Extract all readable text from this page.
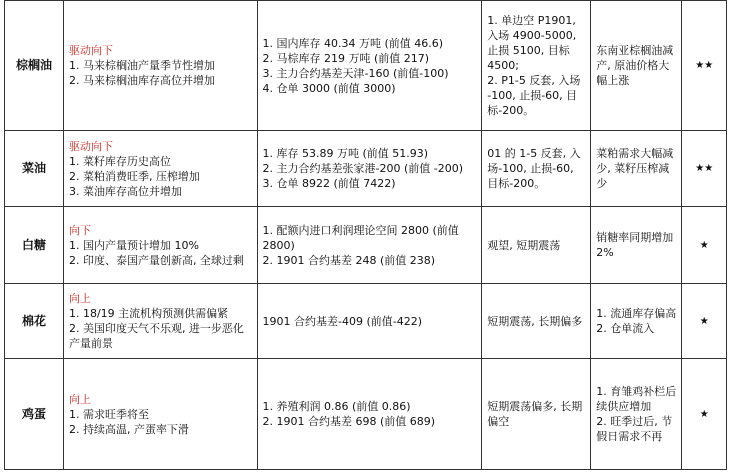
棕榈油	驱动向下
1. 马来棕榈油产量季节性增加
2. 马来棕榈油库存高位并增加	1. 国内库存 40.34 万吨 (前值 46.6)
2. 马棕库存 219 万吨 (前值 217)
3. 主力合约基差天津-160 (前值-100)
4. 仓单 3000 (前值 3000)	1. 单边空 P1901, 入场 4900-5000, 止损 5100, 目标 4500;
2. P1-5 反套, 入场 -100, 止损-60, 目标-200。	东南亚棕榈油减产, 原油价格大幅上涨	★★
菜油	驱动向下
1. 菜籽库存历史高位
2. 菜粕消费旺季, 压榨增加
3. 菜油库存高位并增加	1. 库存 53.89 万吨 (前值 51.93)
2. 主力合约基差张家港-200 (前值 -200)
3. 仓单 8922 (前值 7422)	01 的 1-5 反套, 入场-100, 止损-60, 目标-200。	菜粕需求大幅减少, 菜籽压榨减少	★★
白糖	向下
1. 国内产量预计增加 10%
2. 印度、泰国产量创新高, 全球过剩	1. 配额内进口利润理论空间 2800 (前值 2800)
2. 1901 合约基差 248 (前值 238)	观望, 短期震荡	销糖率同期增加 2%	★
棉花	向上
1. 18/19 主流机构预测供需偏紧
2. 美国印度天气不乐观, 进一步恶化产量前景	1901 合约基差-409 (前值-422)	短期震荡, 长期偏多	1. 流通库存偏高
2. 仓单流入	★
鸡蛋	向上
1. 需求旺季将至
2. 持续高温, 产蛋率下滑	1. 养殖利润 0.86 (前值 0.86)
2. 1901 合约基差 698 (前值 689)	短期震荡偏多, 长期偏空	1. 育雏鸡补栏后续供应增加
2. 旺季过后, 节假日需求不再	★
